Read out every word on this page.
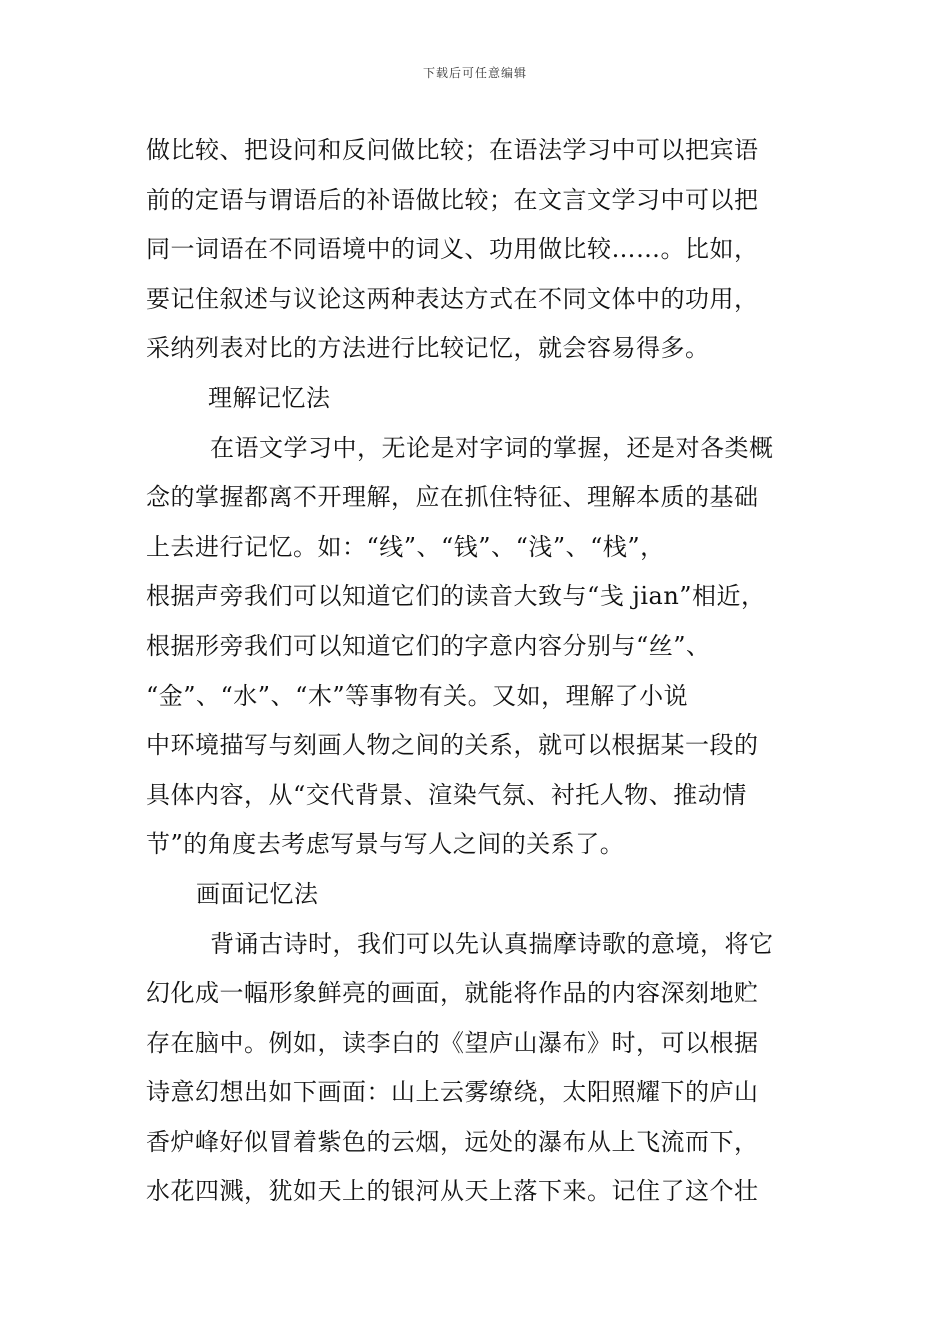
下载后可任意编辑
做比较、把设问和反问做比较；在语法学习中可以把宾语
前的定语与谓语后的补语做比较；在文言文学习中可以把
同一词语在不同语境中的词义、功用做比较……。比如，
要记住叙述与议论这两种表达方式在不同文体中的功用，
采纳列表对比的方法进行比较记忆，就会容易得多。
理解记忆法
在语文学习中，无论是对字词的掌握，还是对各类概
念的掌握都离不开理解，应在抓住特征、理解本质的基础
上去进行记忆。如：“线”、“钱”、“浅”、“栈”，
根据声旁我们可以知道它们的读音大致与“戋 jian”相近，
根据形旁我们可以知道它们的字意内容分别与“丝”、
“金”、“水”、“木”等事物有关。又如，理解了小说
中环境描写与刻画人物之间的关系，就可以根据某一段的
具体内容，从“交代背景、渲染气氛、衬托人物、推动情
节”的角度去考虑写景与写人之间的关系了。
画面记忆法
背诵古诗时，我们可以先认真揣摩诗歌的意境，将它
幻化成一幅形象鲜亮的画面，就能将作品的内容深刻地贮
存在脑中。例如，读李白的《望庐山瀑布》时，可以根据
诗意幻想出如下画面：山上云雾缭绕，太阳照耀下的庐山
香炉峰好似冒着紫色的云烟，远处的瀑布从上飞流而下，
水花四溅，犹如天上的银河从天上落下来。记住了这个壮
